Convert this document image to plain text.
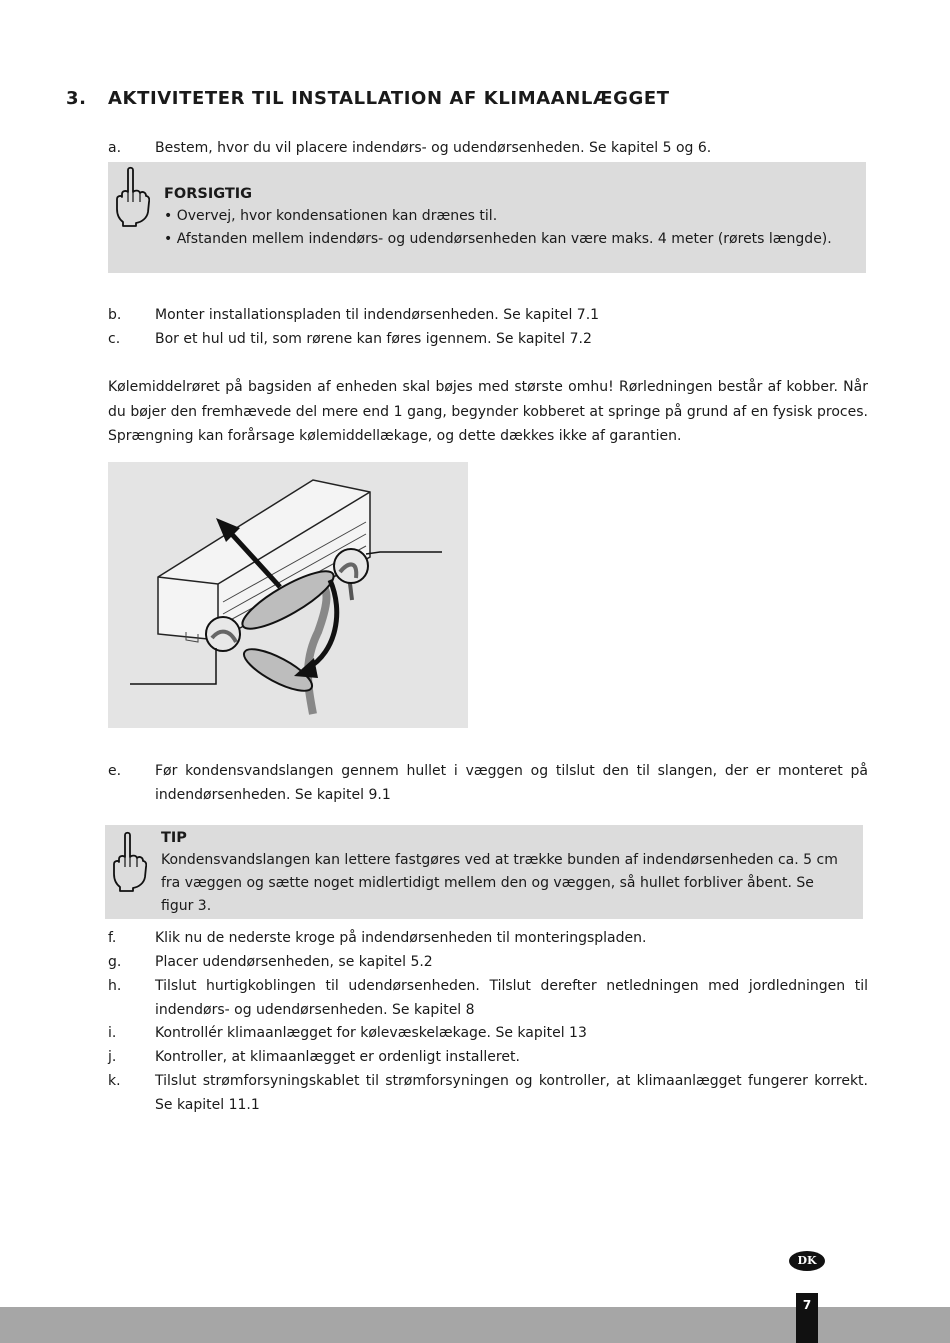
3. AKTIVITETER TIL INSTALLATION AF KLIMAANLÆGGET
a. Bestem, hvor du vil placere indendørs- og udendørsenheden. Se kapitel 5 og 6.
FORSIGTIG
• Overvej, hvor kondensationen kan drænes til.
• Afstanden mellem indendørs- og udendørsenheden kan være maks. 4 meter (rørets længde).
b. Monter installationspladen til indendørsenheden. Se kapitel 7.1
c. Bor et hul ud til, som rørene kan føres igennem. Se kapitel 7.2
Kølemiddelrøret på bagsiden af enheden skal bøjes med største omhu! Rørledningen består af kobber. Når du bøjer den fremhævede del mere end 1 gang, begynder kobberet at springe på grund af en fysisk proces. Sprængning kan forårsage kølemiddellækage, og dette dækkes ikke af garantien.
e. Før kondensvandslangen gennem hullet i væggen og tilslut den til slangen, der er monteret på indendørsenheden. Se kapitel 9.1
TIP
Kondensvandslangen kan lettere fastgøres ved at trække bunden af indendørsenheden ca. 5 cm
fra væggen og sætte noget midlertidigt mellem den og væggen, så hullet forbliver åbent. Se
figur 3.
f.	Klik nu de nederste kroge på indendørsenheden til monteringspladen.
g. Placer udendørsenheden, se kapitel 5.2
h. Tilslut hurtigkoblingen til udendørsenheden. Tilslut derefter netledningen med jordledningen til indendørs- og udendørsenheden. Se kapitel 8
i.	Kontrollér klimaanlægget for kølevæskelækage. Se kapitel 13
j.	Kontroller, at klimaanlægget er ordenligt installeret.
k. Tilslut strømforsyningskablet til strømforsyningen og kontroller, at klimaanlægget fungerer korrekt. Se kapitel 11.1
DK
7
